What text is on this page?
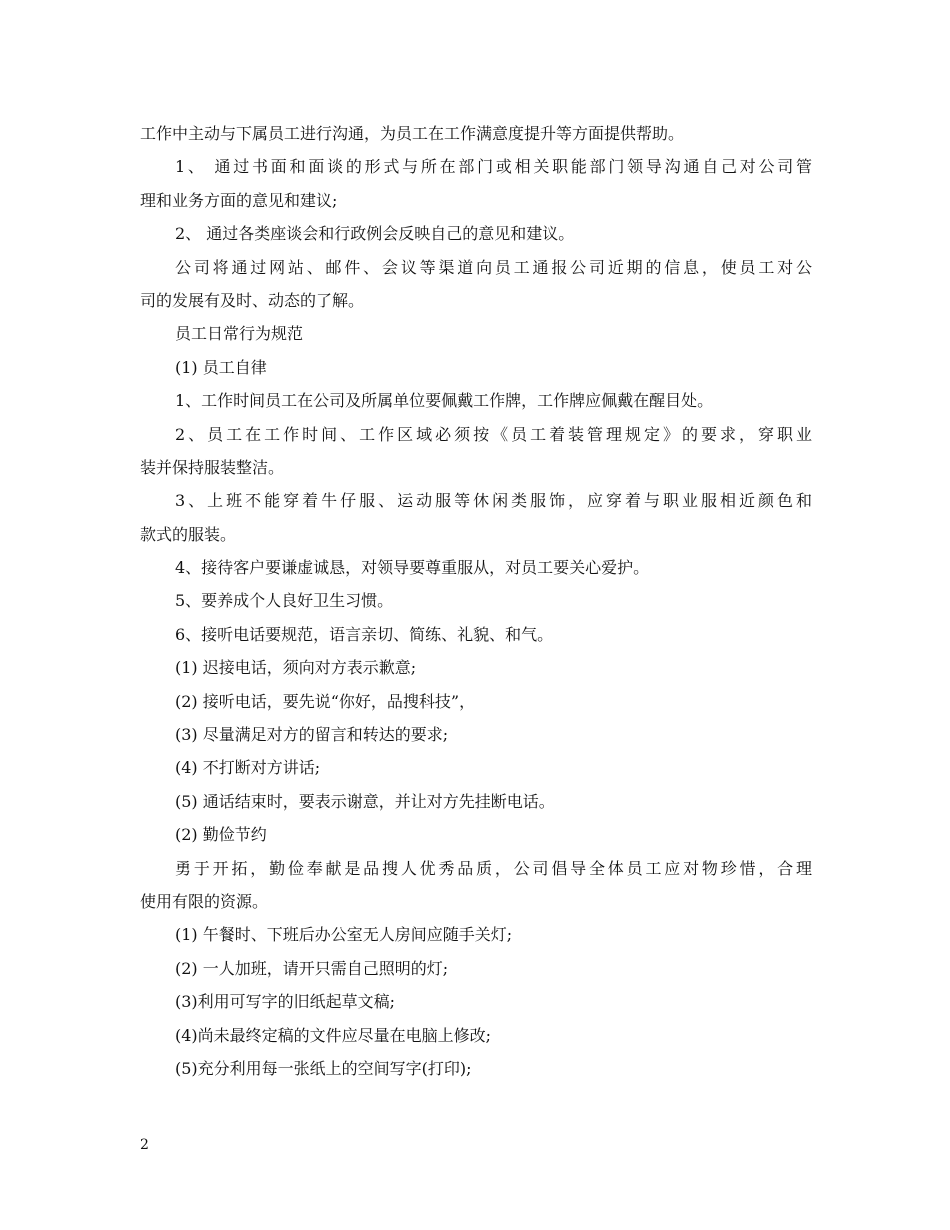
工作中主动与下属员工进行沟通，为员工在工作满意度提升等方面提供帮助。
1、 通过书面和面谈的形式与所在部门或相关职能部门领导沟通自己对公司管
理和业务方面的意见和建议;
2、 通过各类座谈会和行政例会反映自己的意见和建议。
公司将通过网站、邮件、会议等渠道向员工通报公司近期的信息，使员工对公
司的发展有及时、动态的了解。
员工日常行为规范
(1) 员工自律
1、工作时间员工在公司及所属单位要佩戴工作牌，工作牌应佩戴在醒目处。
2、员工在工作时间、工作区域必须按《员工着装管理规定》的要求，穿职业
装并保持服装整洁。
3、上班不能穿着牛仔服、运动服等休闲类服饰，应穿着与职业服相近颜色和
款式的服装。
4、接待客户要谦虚诚恳，对领导要尊重服从，对员工要关心爱护。
5、要养成个人良好卫生习惯。
6、接听电话要规范，语言亲切、简练、礼貌、和气。
(1) 迟接电话，须向对方表示歉意;
(2) 接听电话，要先说“你好，品搜科技”，
(3) 尽量满足对方的留言和转达的要求;
(4) 不打断对方讲话;
(5) 通话结束时，要表示谢意，并让对方先挂断电话。
(2) 勤俭节约
勇于开拓，勤俭奉献是品搜人优秀品质，公司倡导全体员工应对物珍惜，合理
使用有限的资源。
(1) 午餐时、下班后办公室无人房间应随手关灯;
(2) 一人加班，请开只需自己照明的灯;
(3)利用可写字的旧纸起草文稿;
(4)尚未最终定稿的文件应尽量在电脑上修改;
(5)充分利用每一张纸上的空间写字(打印);
2
